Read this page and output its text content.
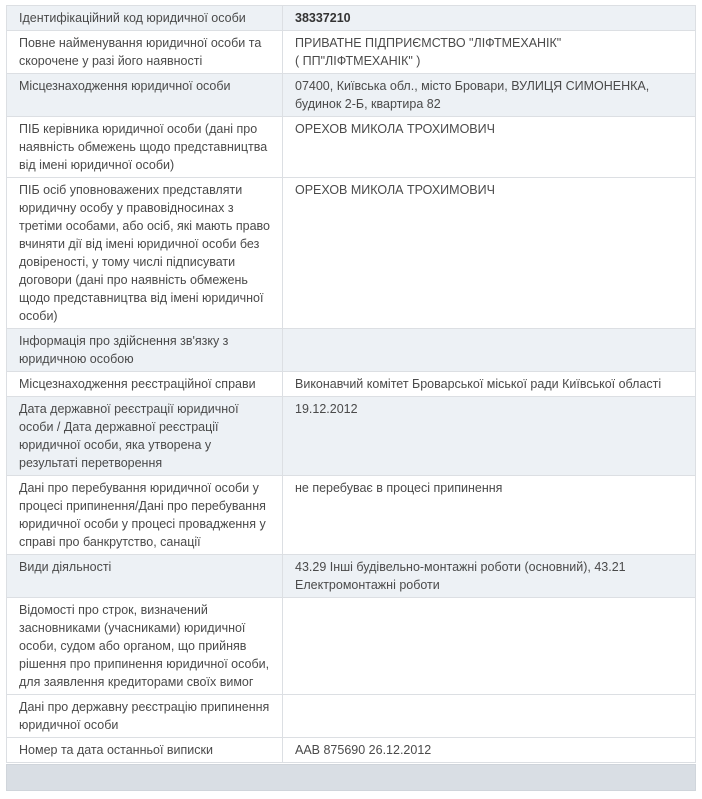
Ідентифікаційний код юридичної особи	38337210
Повне найменування юридичної особи та скорочене у разі його наявності	ПРИВАТНЕ ПІДПРИЄМСТВО "ЛІФТМЕХАНІК"
( ПП"ЛІФТМЕХАНІК" )
Місцезнаходження юридичної особи	07400, Київська обл., місто Бровари, ВУЛИЦЯ СИМОНЕНКА, будинок 2-Б, квартира 82
ПІБ керівника юридичної особи (дані про наявність обмежень щодо представництва від імені юридичної особи)	ОРЕХОВ МИКОЛА ТРОХИМОВИЧ
ПІБ осіб уповноважених представляти юридичну особу у правовідносинах з третіми особами, або осіб, які мають право вчиняти дії від імені юридичної особи без довіреності, у тому числі підписувати договори (дані про наявність обмежень щодо представництва від імені юридичної особи)	ОРЕХОВ МИКОЛА ТРОХИМОВИЧ
Інформація про здійснення зв'язку з юридичною особою	
Місцезнаходження реєстраційної справи	Виконавчий комітет Броварської міської ради Київської області
Дата державної реєстрації юридичної особи / Дата державної реєстрації юридичної особи, яка утворена у результаті перетворення	19.12.2012
Дані про перебування юридичної особи у процесі припинення/Дані про перебування юридичної особи у процесі провадження у справі про банкрутство, санації	не перебуває в процесі припинення
Види діяльності	43.29 Інші будівельно-монтажні роботи (основний), 43.21 Електромонтажні роботи
Відомості про строк, визначений засновниками (учасниками) юридичної особи, судом або органом, що прийняв рішення про припинення юридичної особи, для заявлення кредиторами своїх вимог	
Дані про державну реєстрацію припинення юридичної особи	
Номер та дата останньої виписки	ААВ 875690 26.12.2012
